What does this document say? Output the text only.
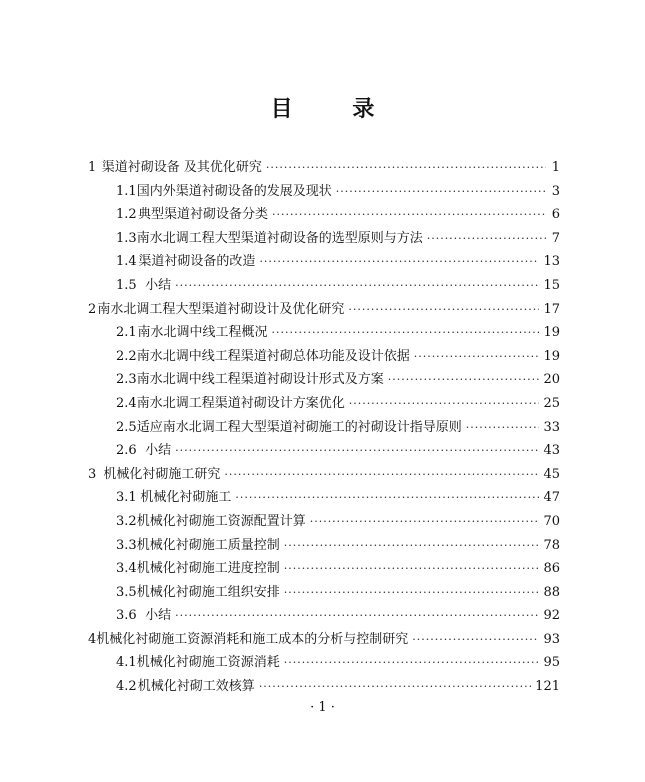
目 录
1 渠道衬砌设备 及其优化研究 ·····	1
1.1 国内外渠道衬砌设备的发展及现状 ·····	3
1.2 典型渠道衬砌设备分类 ·····	6
1.3 南水北调工程大型渠道衬砌设备的选型原则与方法 ·····	7
1.4 渠道衬砌设备的改造 ·····	13
1.5 小结 ·····	15
2 南水北调工程大型渠道衬砌设计及优化研究 ·····	17
2.1 南水北调中线工程概况 ·····	19
2.2 南水北调中线工程渠道衬砌总体功能及设计依据 ·····	19
2.3 南水北调中线工程渠道衬砌设计形式及方案 ·····	20
2.4 南水北调工程渠道衬砌设计方案优化 ·····	25
2.5 适应南水北调工程大型渠道衬砌施工的衬砌设计指导原则 ·····	33
2.6 小结 ·····	43
3 机械化衬砌施工研究 ·····	45
3.1 机械化衬砌施工 ·····	47
3.2 机械化衬砌施工资源配置计算 ·····	70
3.3 机械化衬砌施工质量控制 ·····	78
3.4 机械化衬砌施工进度控制 ·····	86
3.5 机械化衬砌施工组织安排 ·····	88
3.6 小结 ·····	92
4 机械化衬砌施工资源消耗和施工成本的分析与控制研究 ·····	93
4.1 机械化衬砌施工资源消耗 ·····	95
4.2 机械化衬砌工效核算 ·····	121
· 1 ·
